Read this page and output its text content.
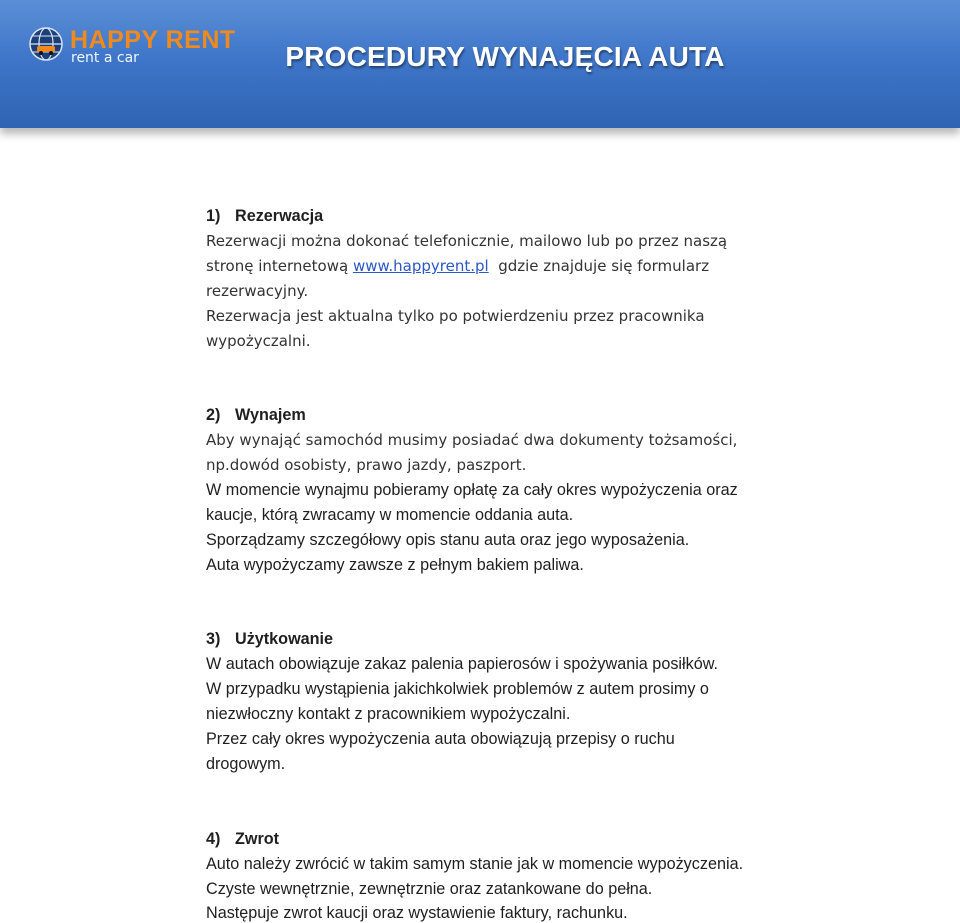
HAPPY RENT
rent a car	PROCEDURY WYNAJĘCIA AUTA
1) Rezerwacja
Rezerwacji można dokonać telefonicznie, mailowo lub po przez naszą
stronę internetową www.happyrent.pl  gdzie znajduje się formularz
rezerwacyjny.
Rezerwacja jest aktualna tylko po potwierdzeniu przez pracownika
wypożyczalni.
2) Wynajem
Aby wynająć samochód musimy posiadać dwa dokumenty tożsamości,
np.dowód osobisty, prawo jazdy, paszport.
W momencie wynajmu pobieramy opłatę za cały okres wypożyczenia oraz
kaucje, którą zwracamy w momencie oddania auta.
Sporządzamy szczegółowy opis stanu auta oraz jego wyposażenia.
Auta wypożyczamy zawsze z pełnym bakiem paliwa.
3) Użytkowanie
W autach obowiązuje zakaz palenia papierosów i spożywania posiłków.
W przypadku wystąpienia jakichkolwiek problemów z autem prosimy o
niezwłoczny kontakt z pracownikiem wypożyczalni.
Przez cały okres wypożyczenia auta obowiązują przepisy o ruchu
drogowym.
4) Zwrot
Auto należy zwrócić w takim samym stanie jak w momencie wypożyczenia.
Czyste wewnętrznie, zewnętrznie oraz zatankowane do pełna.
Następuje zwrot kaucji oraz wystawienie faktury, rachunku.
